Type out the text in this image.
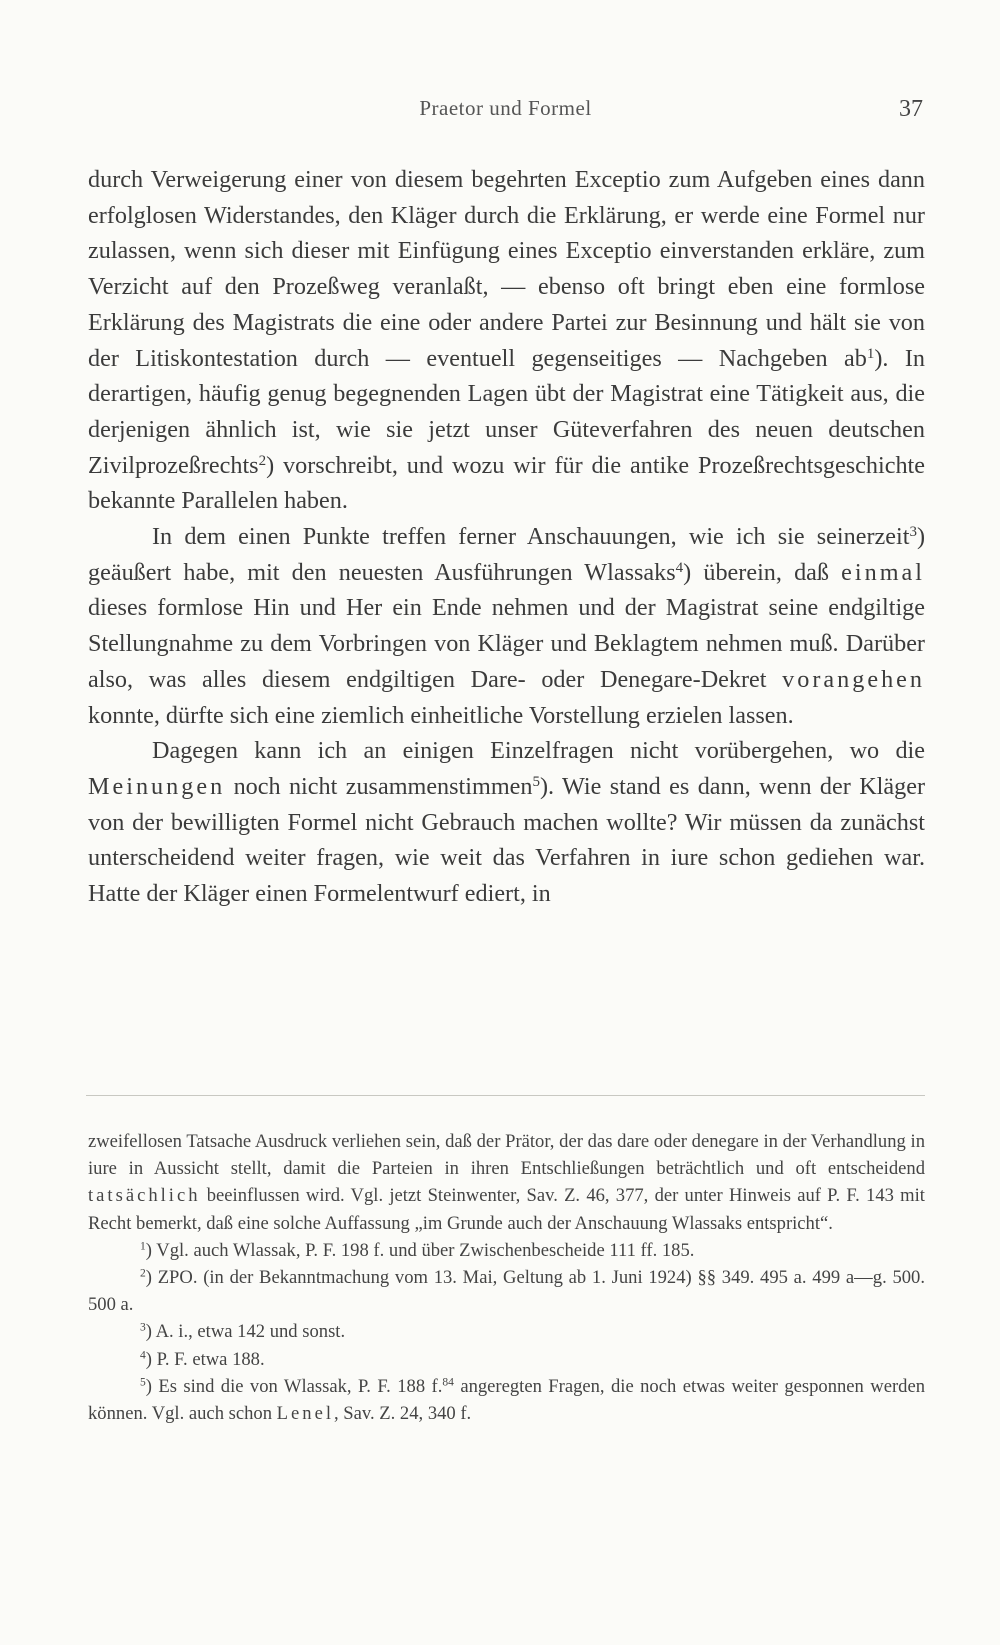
Praetor und Formel	37

durch Verweigerung einer von diesem begehrten Exceptio zum Aufgeben eines dann erfolglosen Widerstandes, den Kläger durch die Erklärung, er werde eine Formel nur zulassen, wenn sich dieser mit Einfügung eines Exceptio einverstanden erkläre, zum Verzicht auf den Prozeßweg veranlaßt, — ebenso oft bringt eben eine formlose Erklärung des Magistrats die eine oder andere Partei zur Besinnung und hält sie von der Litiskontestation durch — eventuell gegenseitiges — Nachgeben $ab^1$). In derartigen, häufig genug begegnenden Lagen übt der Magistrat eine Tätigkeit aus, die derjenigen ähnlich ist, wie sie jetzt unser Güteverfahren des neuen deutschen Zivilprozeßrechts$^2$) vorschreibt, und wozu wir für die antike Prozeßrechtsgeschichte bekannte Parallelen haben.

In dem einen Punkte treffen ferner Anschauungen, wie ich sie seinerzeit$^3$) geäußert habe, mit den neuesten Ausführungen Wlassaks$^4$) überein, daß einmal dieses formlose Hin und Her ein Ende nehmen und der Magistrat seine endgiltige Stellungnahme zu dem Vorbringen von Kläger und Beklagtem nehmen muß. Darüber also, was alles diesem endgiltigen Dare- oder Denegare-Dekret vorangehen konnte, dürfte sich eine ziemlich einheitliche Vorstellung erzielen lassen.

Dagegen kann ich an einigen Einzelfragen nicht vorübergehen, wo die Meinungen noch nicht zusammenstimmen$^5$). Wie stand es dann, wenn der Kläger von der bewilligten Formel nicht Gebrauch machen wollte? Wir müssen da zunächst unterscheidend weiter fragen, wie weit das Verfahren in iure schon gediehen war. Hatte der Kläger einen Formelentwurf ediert, in

zweifellosen Tatsache Ausdruck verliehen sein, daß der Prätor, der das dare oder denegare in der Verhandlung in iure in Aussicht stellt, damit die Parteien in ihren Entschließungen beträchtlich und oft entscheidend tatsächlich beeinflussen wird. Vgl. jetzt Steinwenter, Sav. Z. 46, 377, der unter Hinweis auf P. F. 143 mit Recht bemerkt, daß eine solche Auffassung „im Grunde auch der Anschauung Wlassaks entspricht“.

$^1$) Vgl. auch Wlassak, P. F. 198 f. und über Zwischenbescheide 111 ff. 185.

$^2$) ZPO. (in der Bekanntmachung vom 13. Mai, Geltung ab 1. Juni 1924) §§ 349. 495 a. 499 a—g. 500. 500 a.

$^3$) A. i., etwa 142 und sonst.

$^4$) P. F. etwa 188.

$^5$) Es sind die von Wlassak, P. F. 188 f.$^{84}$ angeregten Fragen, die noch etwas weiter gesponnen werden können. Vgl. auch schon Lenel, Sav. Z. 24, 340 f.
